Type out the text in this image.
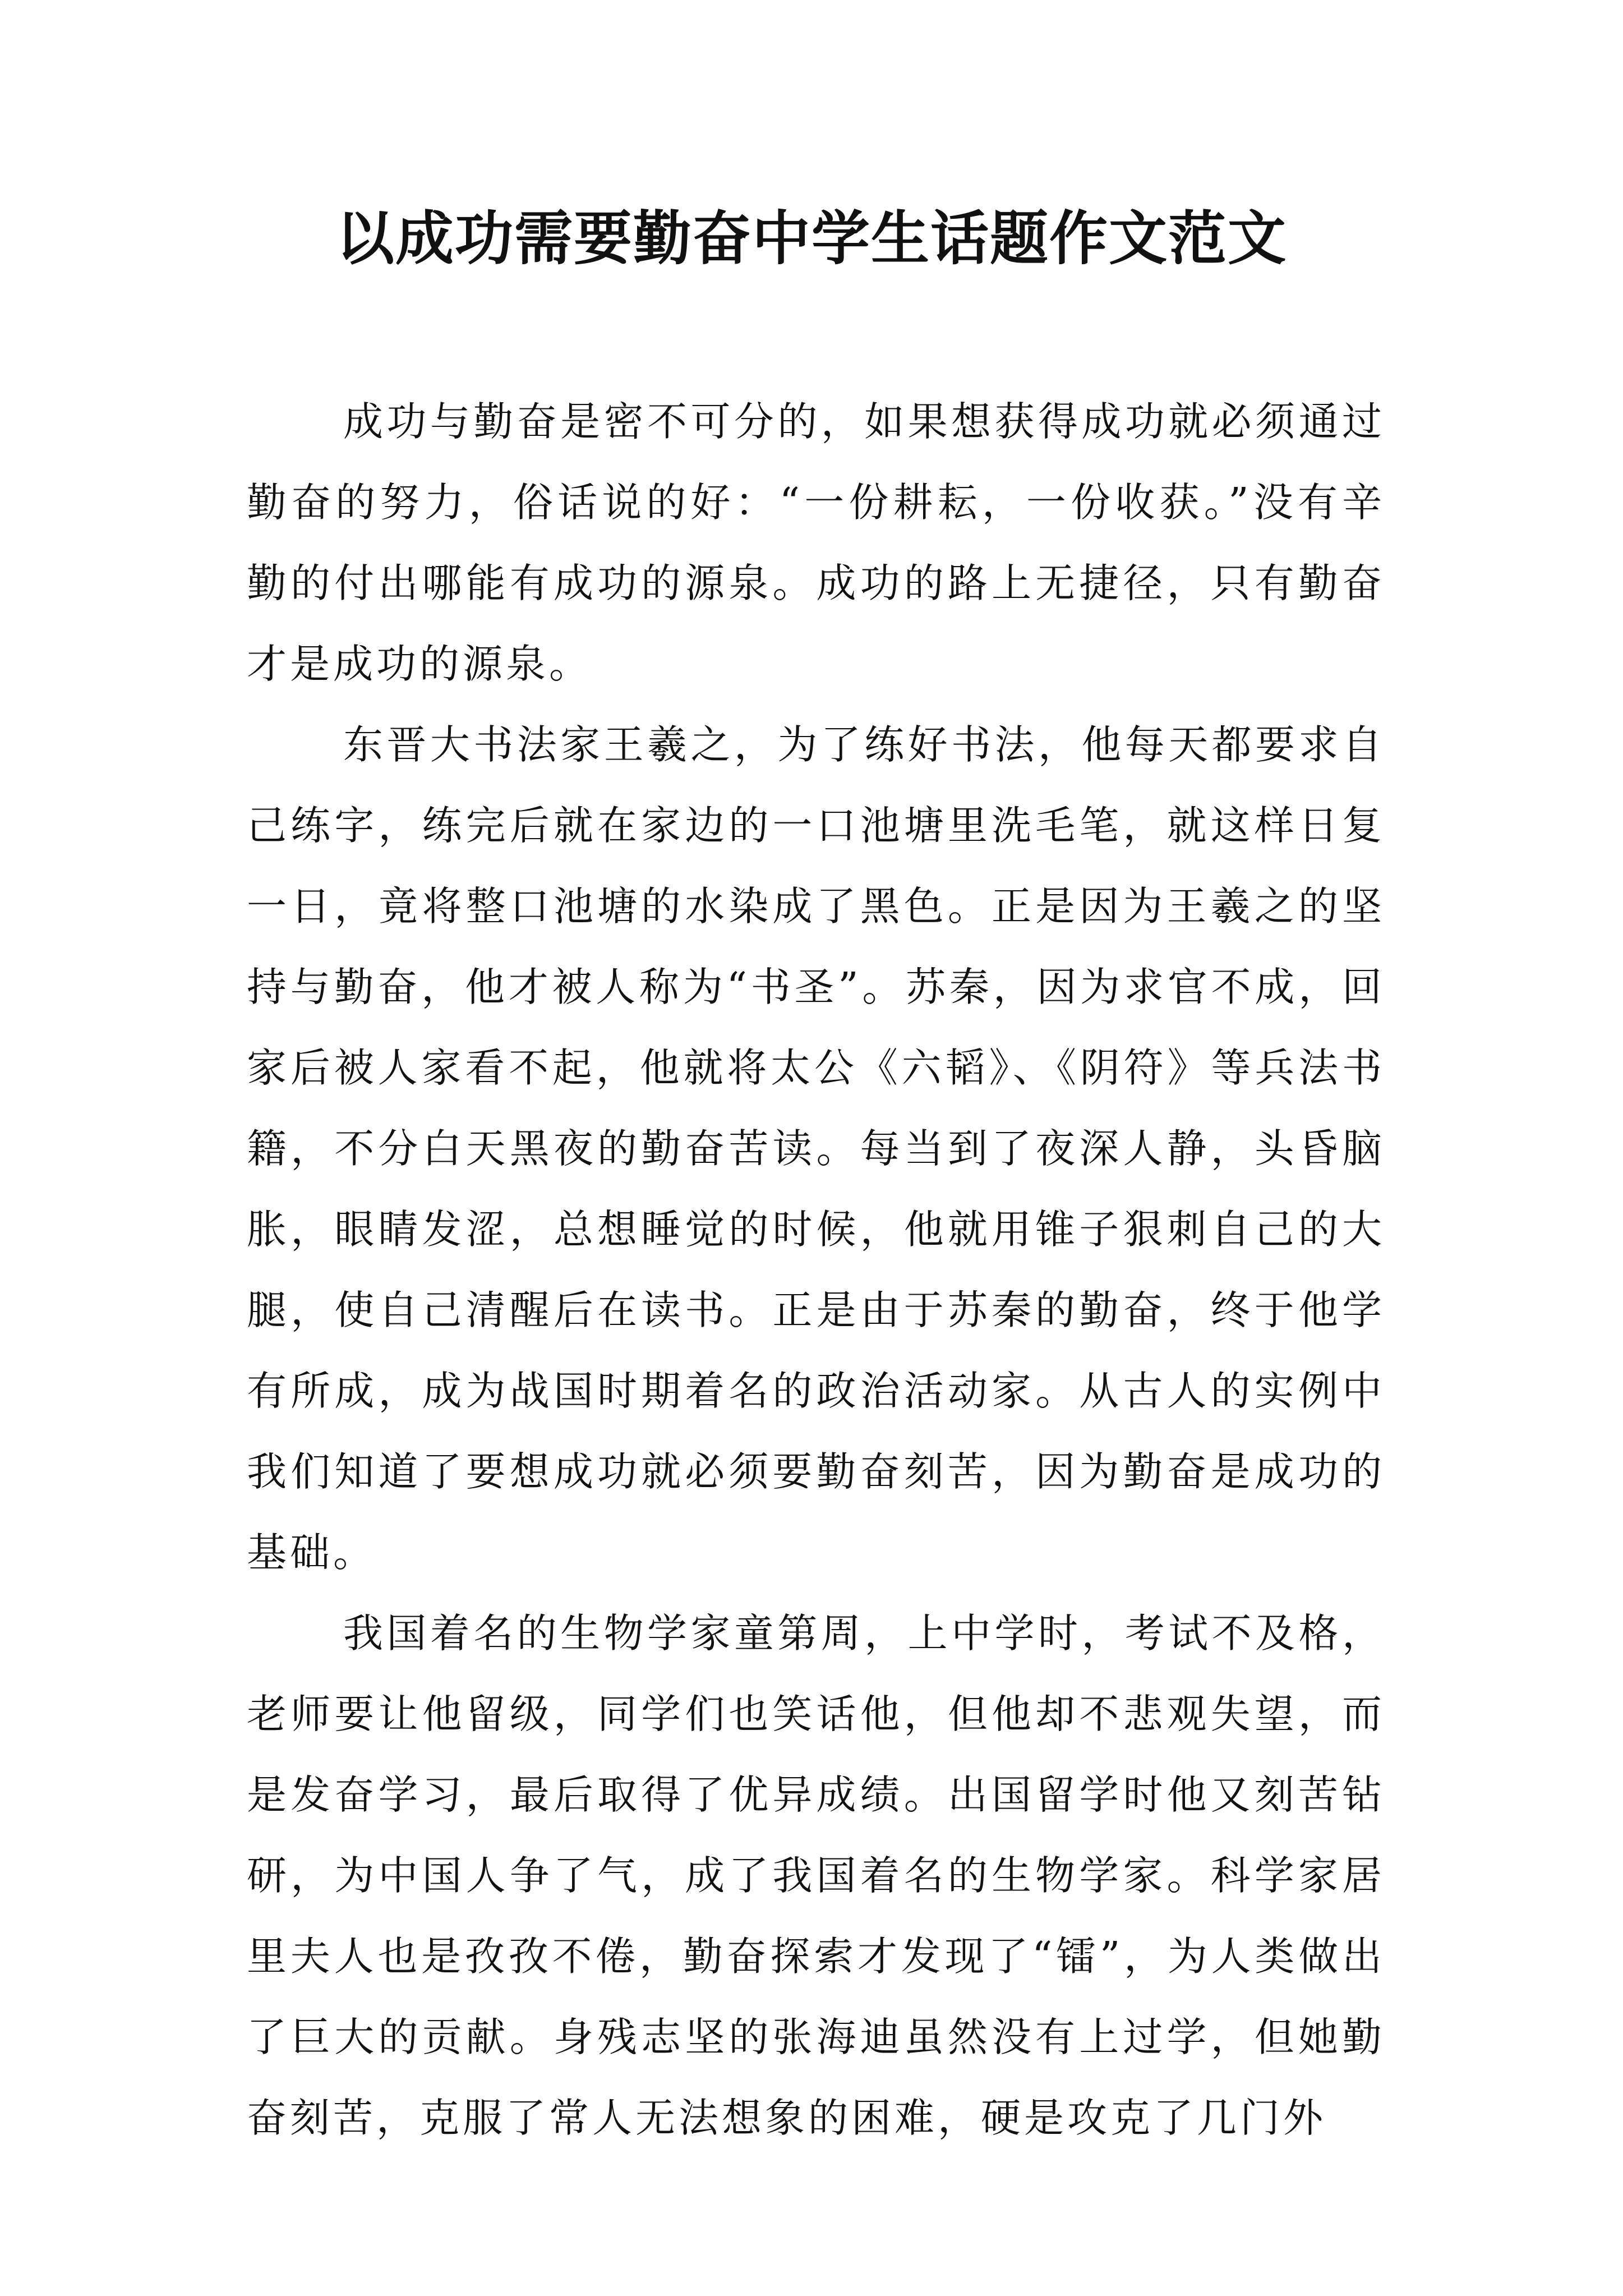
以成功需要勤奋中学生话题作文范文

成功与勤奋是密不可分的，如果想获得成功就必须通过勤奋的努力，俗话说的好：“一份耕耘，一份收获。”没有辛勤的付出哪能有成功的源泉。成功的路上无捷径，只有勤奋才是成功的源泉。

东晋大书法家王羲之，为了练好书法，他每天都要求自己练字，练完后就在家边的一口池塘里洗毛笔，就这样日复一日，竟将整口池塘的水染成了黑色。正是因为王羲之的坚持与勤奋，他才被人称为“书圣”。苏秦，因为求官不成，回家后被人家看不起，他就将太公《六韬》、《阴符》等兵法书籍，不分白天黑夜的勤奋苦读。每当到了夜深人静，头昏脑胀，眼睛发涩，总想睡觉的时候，他就用锥子狠刺自己的大腿，使自己清醒后在读书。正是由于苏秦的勤奋，终于他学有所成，成为战国时期着名的政治活动家。从古人的实例中我们知道了要想成功就必须要勤奋刻苦，因为勤奋是成功的基础。

我国着名的生物学家童第周，上中学时，考试不及格，老师要让他留级，同学们也笑话他，但他却不悲观失望，而是发奋学习，最后取得了优异成绩。出国留学时他又刻苦钻研，为中国人争了气，成了我国着名的生物学家。科学家居里夫人也是孜孜不倦，勤奋探索才发现了“镭”，为人类做出了巨大的贡献。身残志坚的张海迪虽然没有上过学，但她勤奋刻苦，克服了常人无法想象的困难，硬是攻克了几门外
